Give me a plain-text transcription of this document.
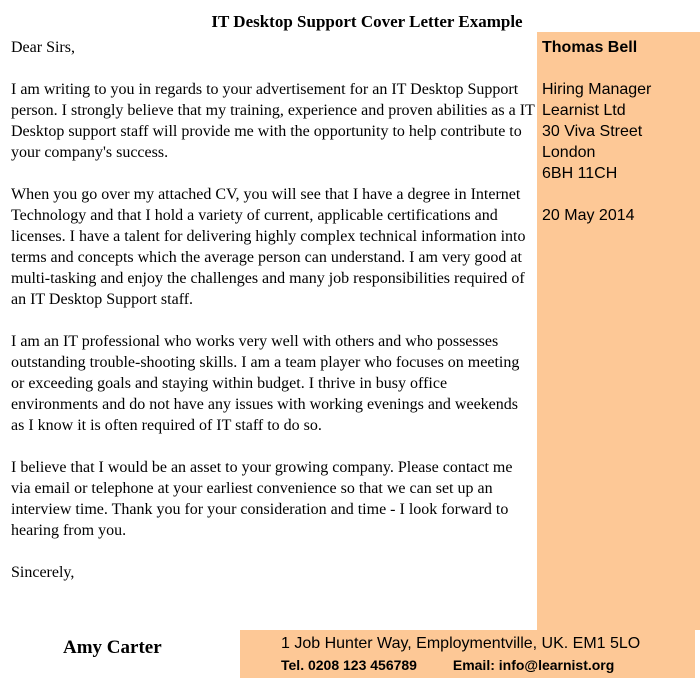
IT Desktop Support Cover Letter Example

Dear Sirs,

I am writing to you in regards to your advertisement for an IT Desktop Support person. I strongly believe that my training, experience and proven abilities as a IT Desktop support staff will provide me with the opportunity to help contribute to your company's success.

When you go over my attached CV, you will see that I have a degree in Internet Technology and that I hold a variety of current, applicable certifications and licenses. I have a talent for delivering highly complex technical information into terms and concepts which the average person can understand. I am very good at multi-tasking and enjoy the challenges and many job responsibilities required of an IT Desktop Support staff.

I am an IT professional who works very well with others and who possesses outstanding trouble-shooting skills. I am a team player who focuses on meeting or exceeding goals and staying within budget. I thrive in busy office environments and do not have any issues with working evenings and weekends as I know it is often required of IT staff to do so.

I believe that I would be an asset to your growing company. Please contact me via email or telephone at your earliest convenience so that we can set up an interview time. Thank you for your consideration and time - I look forward to hearing from you.

Sincerely,

Amy Carter
Thomas Bell
Hiring Manager
Learnist Ltd
30 Viva Street
London
6BH 11CH
20 May 2014
1 Job Hunter Way, Employmentville, UK. EM1 5LO
Tel. 0208 123 456789	Email: info@learnist.org
